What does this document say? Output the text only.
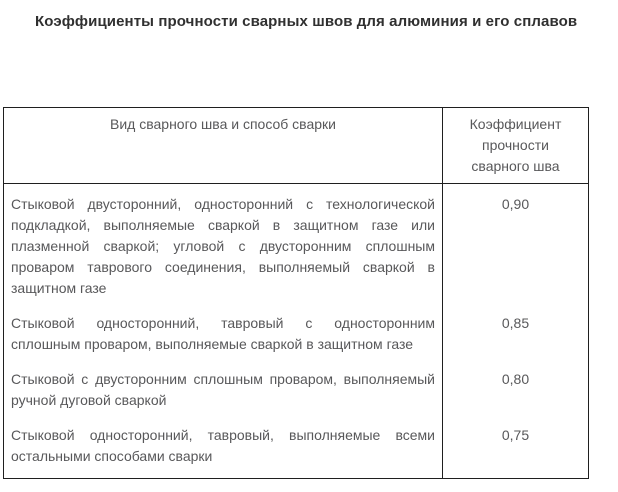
Коэффициенты прочности сварных швов для алюминия и его сплавов
Вид сварного шва и способ сварки	Коэффициент прочности сварного шва
Стыковой двусторонний, односторонний с технологической подкладкой, выполняемые сваркой в защитном газе или плазменной сваркой; угловой с двусторонним сплошным проваром таврового соединения, выполняемый сваркой в защитном газе	0,90
Стыковой односторонний, тавровый с односторонним сплошным проваром, выполняемые сваркой в защитном газе	0,85
Стыковой с двусторонним сплошным проваром, выполняемый ручной дуговой сваркой	0,80
Стыковой односторонний, тавровый, выполняемые всеми остальными способами сварки	0,75
